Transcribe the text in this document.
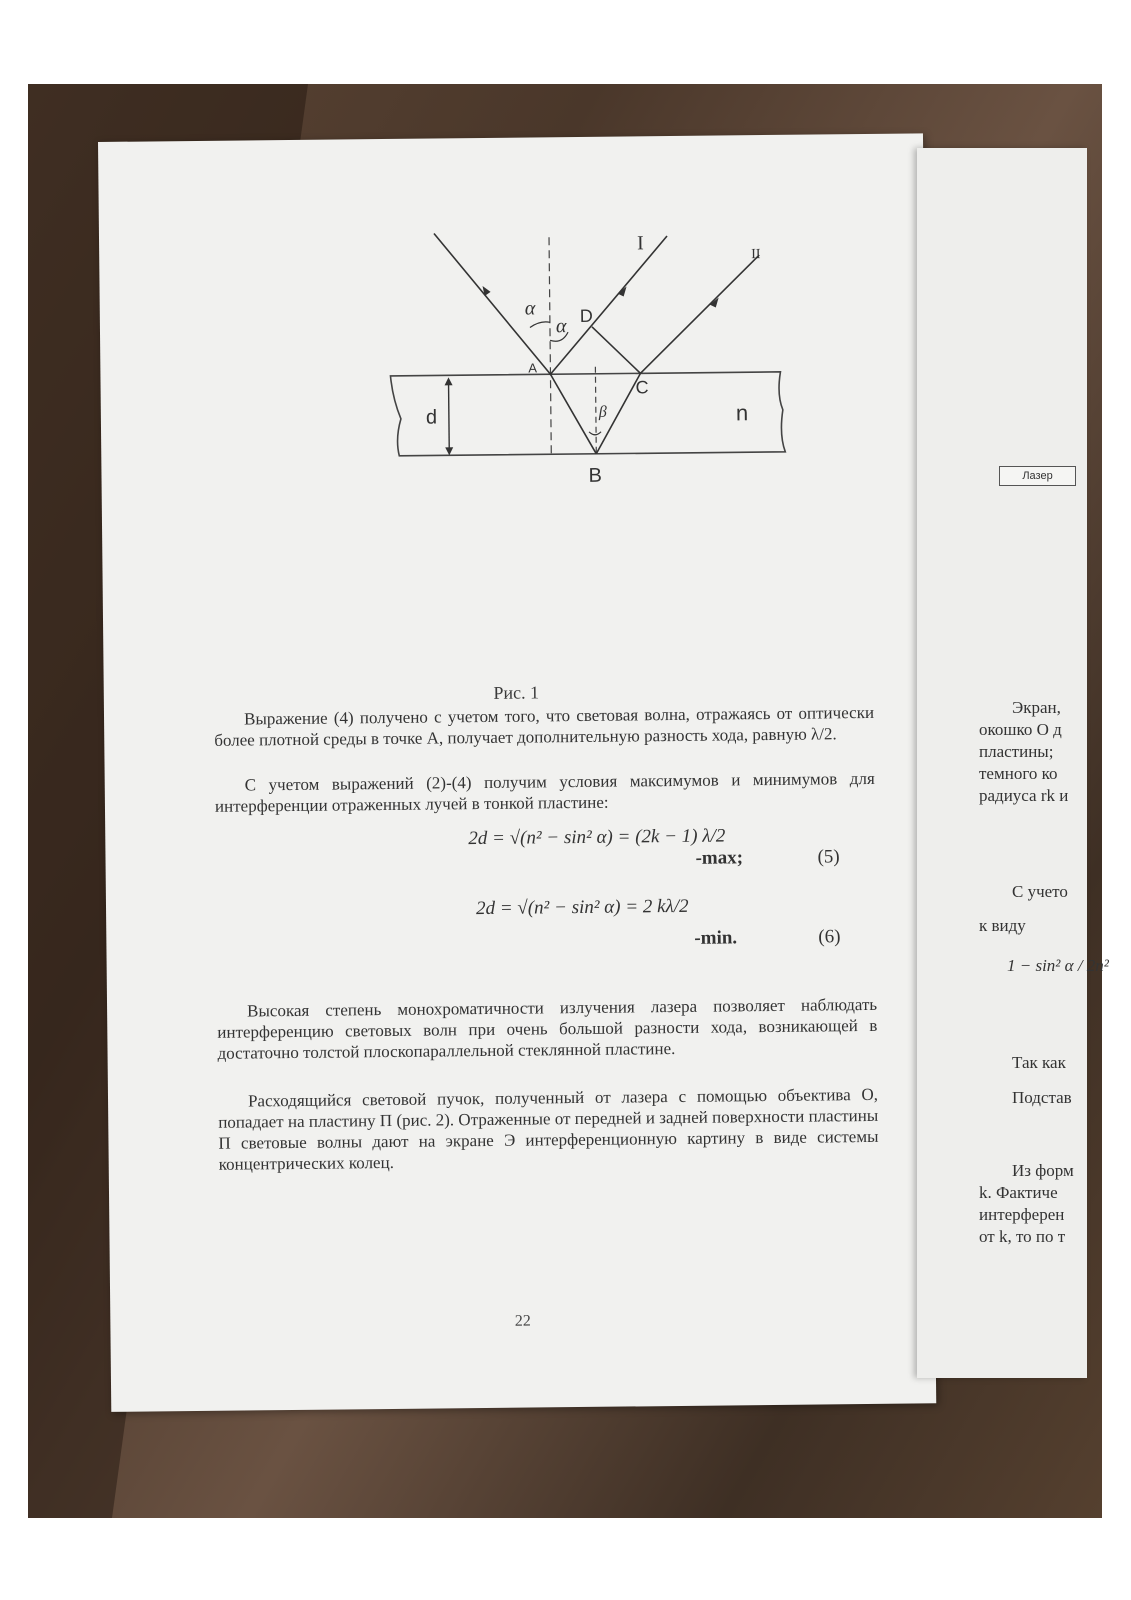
I
II
α
α D
A
C
d	β	n
B
Рис. 1
Выражение (4) получено с учетом того, что световая волна, отражаясь от оптически более плотной среды в точке А, получает дополнительную разность хода, равную λ/2.
С учетом выражений (2)-(4) получим условия максимумов и минимумов для интерференции отраженных лучей в тонкой пластине:
2d = √(n² − sin² α) = (2k − 1) λ/2
-max;	(5)
2d = √(n² − sin² α) = 2 kλ/2
-min.	(6)
Высокая степень монохроматичности излучения лазера позволяет наблюдать интерференцию световых волн при очень большой разности хода, возникающей в достаточно толстой плоскопараллельной стеклянной пластине.
Расходящийся световой пучок, полученный от лазера с помощью объектива О, попадает на пластину П (рис. 2). Отраженные от передней и задней поверхности пластины П световые волны дают на экране Э интерференционную картину в виде системы концентрических колец.
22
Лазер
Экран,
окошко О д
пластины;
темного ко
радиуса rk и
С учето
к виду
1 − sin² α / 2n²
Так как
Подстав
Из форм
k. Фактиче
интерферен
от k, то по т
